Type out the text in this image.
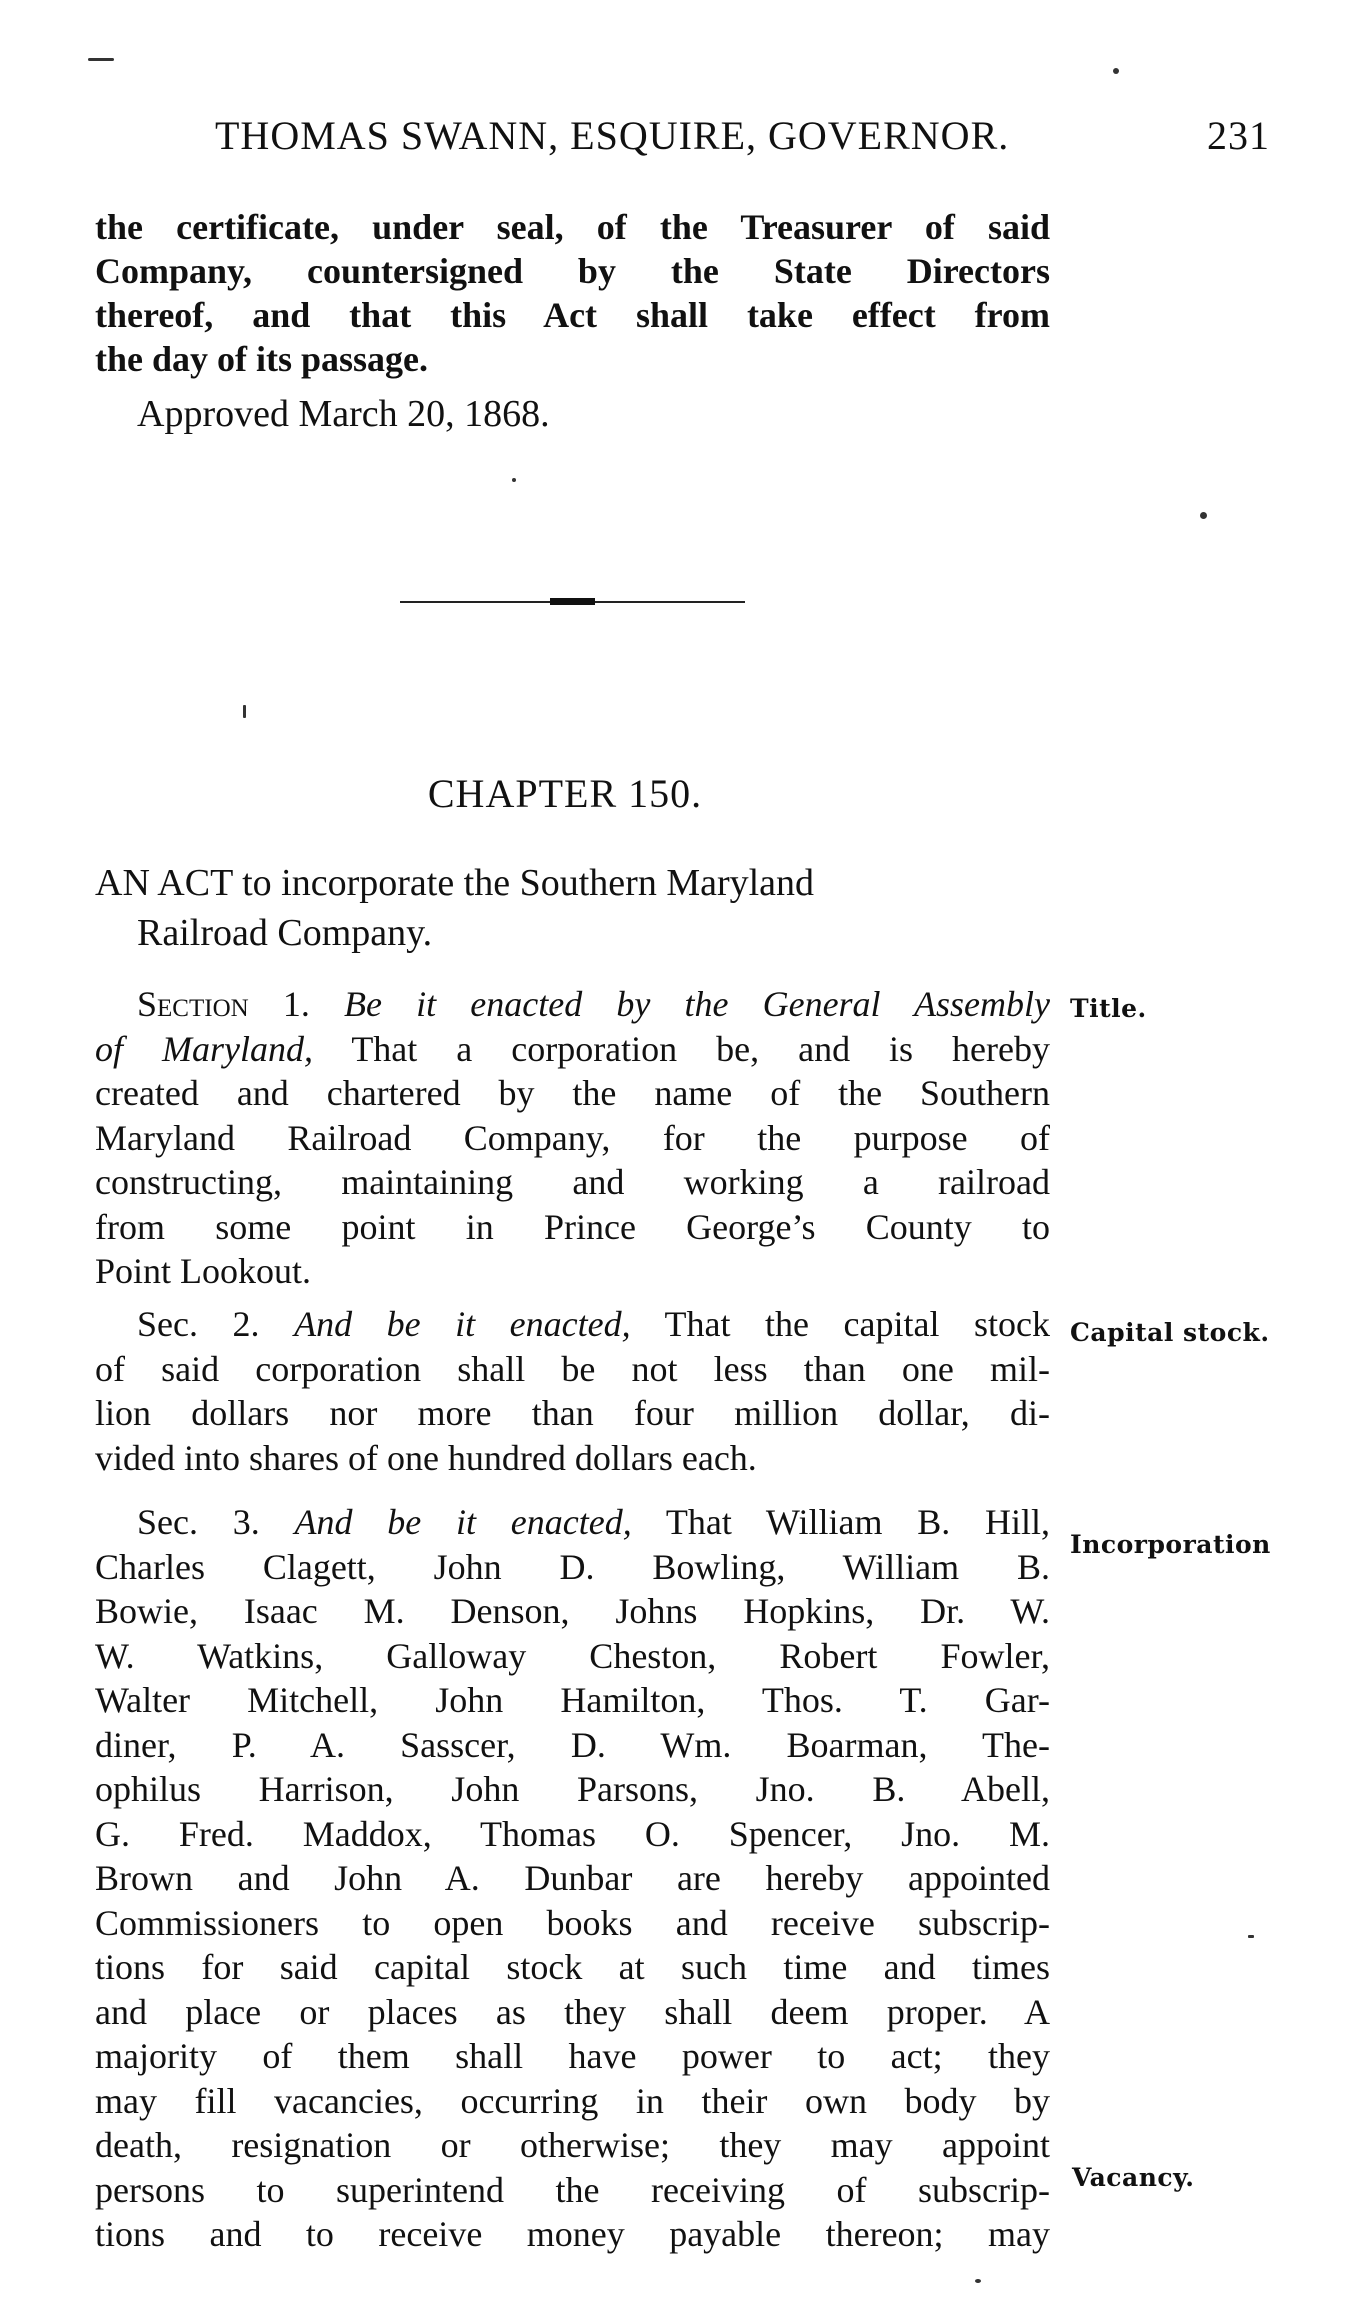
THOMAS SWANN, ESQUIRE, GOVERNOR.	231
the certificate, under seal, of the Treasurer of said
Company, countersigned by the State Directors
thereof, and that this Act shall take effect from
the day of its passage.
Approved March 20, 1868.
CHAPTER 150.
AN ACT to incorporate the Southern Maryland
Railroad Company.
Section 1. Be it enacted by the General Assembly
of Maryland, That a corporation be, and is hereby
created and chartered by the name of the Southern
Maryland Railroad Company, for the purpose of
constructing, maintaining and working a railroad
from some point in Prince George’s County to
Point Lookout.
Title.
Sec. 2. And be it enacted, That the capital stock
of said corporation shall be not less than one mil-
lion dollars nor more than four million dollar, di-
vided into shares of one hundred dollars each.
Capital stock.
Sec. 3. And be it enacted, That William B. Hill,
Charles Clagett, John D. Bowling, William B.
Bowie, Isaac M. Denson, Johns Hopkins, Dr. W.
W. Watkins, Galloway Cheston, Robert Fowler,
Walter Mitchell, John Hamilton, Thos. T. Gar-
diner, P. A. Sasscer, D. Wm. Boarman, The-
ophilus Harrison, John Parsons, Jno. B. Abell,
G. Fred. Maddox, Thomas O. Spencer, Jno. M.
Brown and John A. Dunbar are hereby appointed
Commissioners to open books and receive subscrip-
tions for said capital stock at such time and times
and place or places as they shall deem proper. A
majority of them shall have power to act; they
may fill vacancies, occurring in their own body by
death, resignation or otherwise; they may appoint
persons to superintend the receiving of subscrip-
tions and to receive money payable thereon; may
Incorporation
Vacancy.
